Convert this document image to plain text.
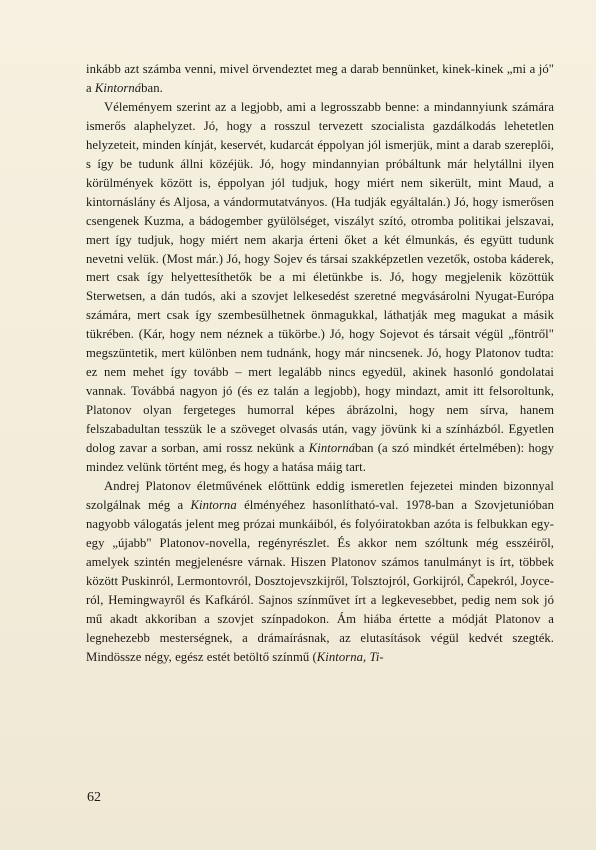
inkább azt számba venni, mivel örvendeztet meg a darab bennünket, kinek-kinek „mi a jó" a Kintornában.

Véleményem szerint az a legjobb, ami a legrosszabb benne: a mindannyiunk számára ismerős alaphelyzet. Jó, hogy a rosszul tervezett szocialista gazdálkodás lehetetlen helyzeteit, minden kínját, keservét, kudarcát éppolyan jól ismerjük, mint a darab szereplői, s így be tudunk állni közéjük. Jó, hogy mindannyian próbáltunk már helytállni ilyen körülmények között is, éppolyan jól tudjuk, hogy miért nem sikerült, mint Maud, a kintornáslány és Aljosa, a vándormutatványos. (Ha tudják egyáltalán.) Jó, hogy ismerősen csengenek Kuzma, a bádogember gyülölséget, viszályt szító, otromba politikai jelszavai, mert így tudjuk, hogy miért nem akarja érteni őket a két élmunkás, és együtt tudunk nevetni velük. (Most már.) Jó, hogy Sojev és társai szakképzetlen vezetők, ostoba káderek, mert csak így helyettesíthetők be a mi életünkbe is. Jó, hogy megjelenik közöttük Sterwetsen, a dán tudós, aki a szovjet lelkesedést szeretné megvásárolni Nyugat-Európa számára, mert csak így szembesülhetnek önmagukkal, láthatják meg magukat a másik tükrében. (Kár, hogy nem néznek a tükörbe.) Jó, hogy Sojevot és társait végül „föntről" megszüntetik, mert különben nem tudnánk, hogy már nincsenek. Jó, hogy Platonov tudta: ez nem mehet így tovább – mert legalább nincs egyedül, akinek hasonló gondolatai vannak. Továbbá nagyon jó (és ez talán a legjobb), hogy mindazt, amit itt felsoroltunk, Platonov olyan fergeteges humorral képes ábrázolni, hogy nem sírva, hanem felszabadultan tesszük le a szöveget olvasás után, vagy jövünk ki a színházból. Egyetlen dolog zavar a sorban, ami rossz nekünk a Kintornában (a szó mindkét értelmében): hogy mindez velünk történt meg, és hogy a hatása máig tart.

Andrej Platonov életművének előttünk eddig ismeretlen fejezetei minden bizonnyal szolgálnak még a Kintorna élményéhez hasonlítható-val. 1978-ban a Szovjetunióban nagyobb válogatás jelent meg prózai munkáiból, és folyóiratokban azóta is felbukkan egy-egy „újabb" Platonov-novella, regényrészlet. És akkor nem szóltunk még esszéiről, amelyek szintén megjelenésre várnak. Hiszen Platonov számos tanulmányt is írt, többek között Puskinról, Lermontovról, Dosztojevszkijről, Tolsztojról, Gorkijról, Čapekról, Joyce-ról, Hemingwayről és Kafkáról. Sajnos színművet írt a legkevesebbet, pedig nem sok jó mű akadt akkoriban a szovjet színpadokon. Ám hiába értette a módját Platonov a legnehezebb mesterségnek, a drámaírásnak, az elutasítások végül kedvét szegték. Mindössze négy, egész estét betöltő színmű (Kintorna, Ti-

62
